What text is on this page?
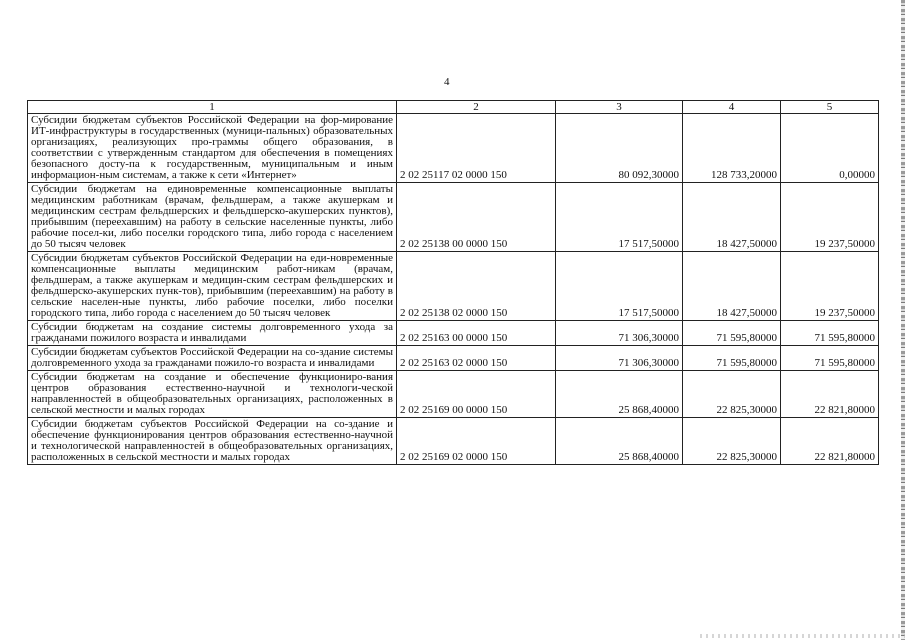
4
1	2	3	4	5
Субсидии бюджетам субъектов Российской Федерации на фор-мирование ИТ-инфраструктуры в государственных (муници-пальных) образовательных организациях, реализующих про-граммы общего образования, в соответствии с утвержденным стандартом для обеспечения в помещениях безопасного досту-па к государственным, муниципальным и иным информацион-ным системам, а также к сети «Интернет»	2 02 25117 02 0000 150	80 092,30000	128 733,20000	0,00000
Субсидии бюджетам на единовременные компенсационные выплаты медицинским работникам (врачам, фельдшерам, а также акушеркам и медицинским сестрам фельдшерских и фельдшерско-акушерских пунктов), прибывшим (переехавшим) на работу в сельские населенные пункты, либо рабочие посел-ки, либо поселки городского типа, либо города с населением до 50 тысяч человек	2 02 25138 00 0000 150	17 517,50000	18 427,50000	19 237,50000
Субсидии бюджетам субъектов Российской Федерации на еди-новременные компенсационные выплаты медицинским работ-никам (врачам, фельдшерам, а также акушеркам и медицин-ским сестрам фельдшерских и фельдшерско-акушерских пунк-тов), прибывшим (переехавшим) на работу в сельские населен-ные пункты, либо рабочие поселки, либо поселки городского типа, либо города с населением до 50 тысяч человек	2 02 25138 02 0000 150	17 517,50000	18 427,50000	19 237,50000
Субсидии бюджетам на создание системы долговременного ухода за гражданами пожилого возраста и инвалидами	2 02 25163 00 0000 150	71 306,30000	71 595,80000	71 595,80000
Субсидии бюджетам субъектов Российской Федерации на со-здание системы долговременного ухода за гражданами пожило-го возраста и инвалидами	2 02 25163 02 0000 150	71 306,30000	71 595,80000	71 595,80000
Субсидии бюджетам на создание и обеспечение функциониро-вания центров образования естественно-научной и технологи-ческой направленностей в общеобразовательных организациях, расположенных в сельской местности и малых городах	2 02 25169 00 0000 150	25 868,40000	22 825,30000	22 821,80000
Субсидии бюджетам субъектов Российской Федерации на со-здание и обеспечение функционирования центров образования естественно-научной и технологической направленностей в общеобразовательных организациях, расположенных в сельской местности и малых городах	2 02 25169 02 0000 150	25 868,40000	22 825,30000	22 821,80000
